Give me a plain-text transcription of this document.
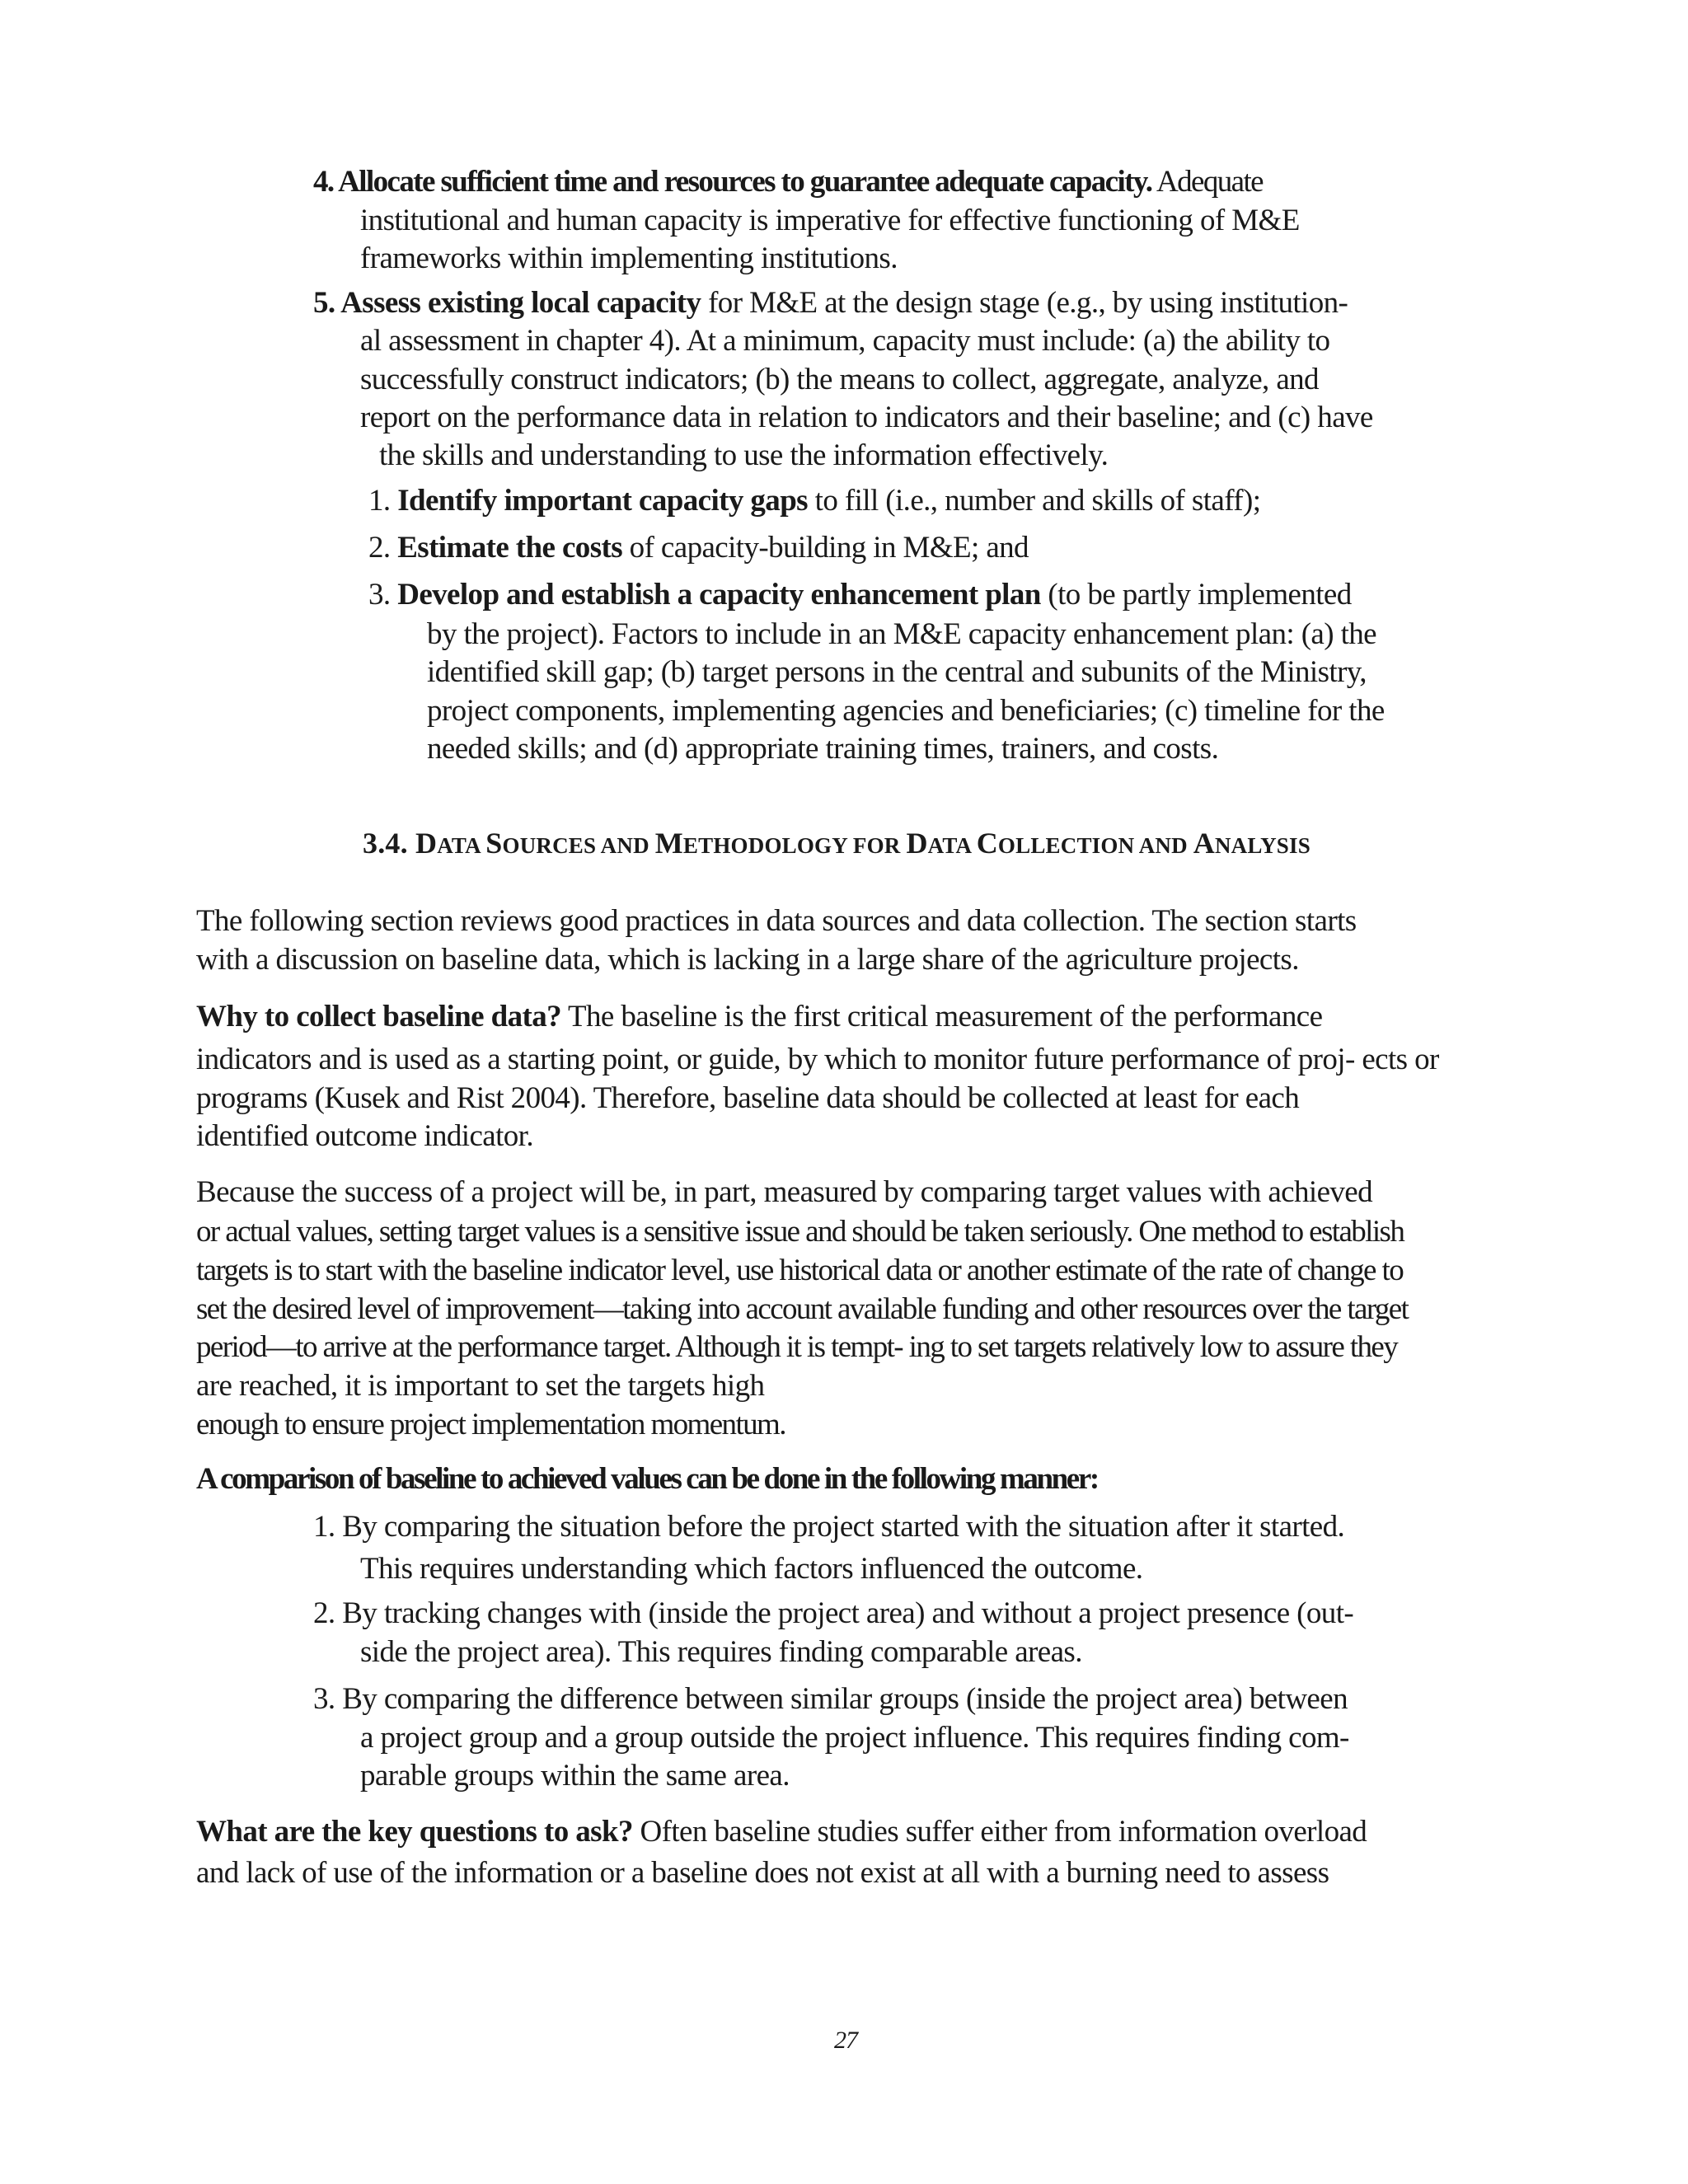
4. Allocate sufficient time and resources to guarantee adequate capacity. Adequate

institutional and human capacity is imperative for effective functioning of M&E

frameworks within implementing institutions.

5. Assess existing local capacity for M&E at the design stage (e.g., by using institution-

al assessment in chapter 4). At a minimum, capacity must include: (a) the ability to

successfully construct indicators; (b) the means to collect, aggregate, analyze, and

report on the performance data in relation to indicators and their baseline; and (c) have

the skills and understanding to use the information effectively.

1. Identify important capacity gaps to fill (i.e., number and skills of staff);

2. Estimate the costs of capacity-building in M&E; and

3. Develop and establish a capacity enhancement plan (to be partly implemented

by the project). Factors to include in an M&E capacity enhancement plan: (a) the

identified skill gap; (b) target persons in the central and subunits of the Ministry,

project components, implementing agencies and beneficiaries; (c) timeline for the

needed skills; and (d) appropriate training times, trainers, and costs.

3.4. DATA SOURCES AND METHODOLOGY FOR DATA COLLECTION AND ANALYSIS

The following section reviews good practices in data sources and data collection. The section starts

with a discussion on baseline data, which is lacking in a large share of the agriculture projects.

Why to collect baseline data? The baseline is the first critical measurement of the performance

indicators and is used as a starting point, or guide, by which to monitor future performance of proj- ects or

programs (Kusek and Rist 2004). Therefore, baseline data should be collected at least for each

identified outcome indicator.

Because the success of a project will be, in part, measured by comparing target values with achieved

or actual values, setting target values is a sensitive issue and should be taken seriously. One method to establish

targets is to start with the baseline indicator level, use historical data or another estimate of the rate of change to

set the desired level of improvement—taking into account available funding and other resources over the target

period—to arrive at the performance target. Although it is tempt- ing to set targets relatively low to assure they

are reached, it is important to set the targets high

enough to ensure project implementation momentum.

A comparison of baseline to achieved values can be done in the following manner:

1. By comparing the situation before the project started with the situation after it started.

This requires understanding which factors influenced the outcome.

2. By tracking changes with (inside the project area) and without a project presence (out-

side the project area). This requires finding comparable areas.

3. By comparing the difference between similar groups (inside the project area) between

a project group and a group outside the project influence. This requires finding com-

parable groups within the same area.

What are the key questions to ask? Often baseline studies suffer either from information overload

and lack of use of the information or a baseline does not exist at all with a burning need to assess

27
